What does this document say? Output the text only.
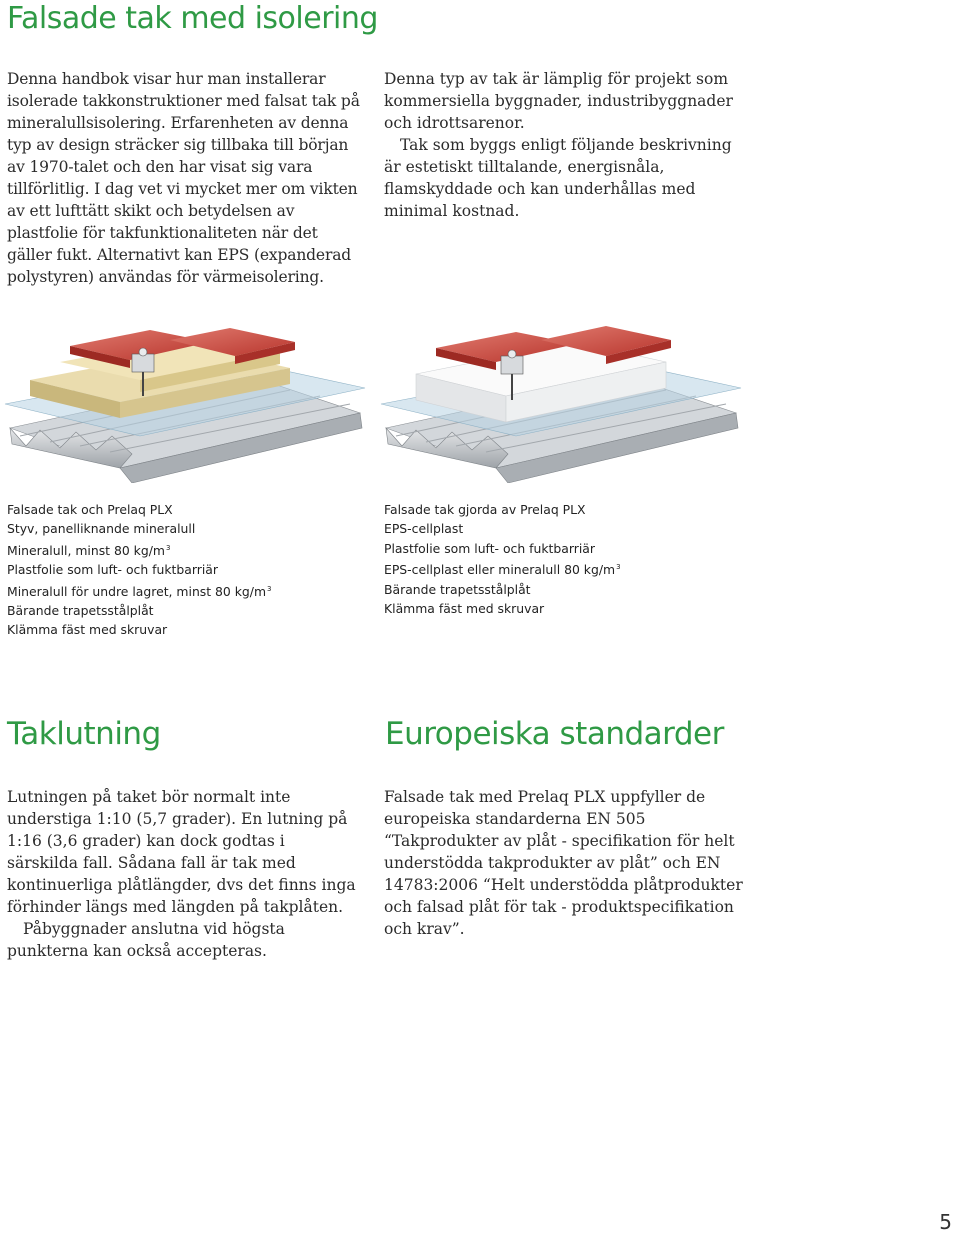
Falsade tak med isolering

Denna handbok visar hur man installerar isolerade takkonstruktioner med falsat tak på mineralullsisolering. Erfarenheten av denna typ av design sträcker sig tillbaka till början av 1970-talet och den har visat sig vara tillförlitlig. I dag vet vi mycket mer om vikten av ett lufttätt skikt och betydelsen av plastfolie för takfunktionaliteten när det gäller fukt. Alternativt kan EPS (expanderad polystyren) användas för värmeisolering.

Denna typ av tak är lämplig för projekt som kommersiella byggnader, industribyggnader och idrottsarenor.

Tak som byggs enligt följande beskrivning är estetiskt tilltalande, energisnåla, flamskyddade och kan underhållas med minimal kostnad.

Falsade tak och Prelaq PLX
Styv, panelliknande mineralull
Mineralull, minst 80 $kg/m^3$
Plastfolie som luft- och fuktbarriär
Mineralull för undre lagret, minst 80 $kg/m^3$
Bärande trapetsstålplåt
Klämma fäst med skruvar
Falsade tak gjorda av Prelaq PLX
EPS-cellplast
Plastfolie som luft- och fuktbarriär
EPS-cellplast eller mineralull 80 $kg/m^3$
Bärande trapetsstålplåt
Klämma fäst med skruvar
Taklutning

Lutningen på taket bör normalt inte understiga 1:10 (5,7 grader). En lutning på 1:16 (3,6 grader) kan dock godtas i särskilda fall. Sådana fall är tak med kontinuerliga plåtlängder, dvs det finns inga förhinder längs med längden på takplåten.

Påbyggnader anslutna vid högsta punkterna kan också accepteras.

Europeiska standarder

Falsade tak med Prelaq PLX uppfyller de europeiska standarderna EN 505 “Takprodukter av plåt - specifikation för helt understödda takprodukter av plåt” och EN 14783:2006 “Helt understödda plåtprodukter och falsad plåt för tak - produktspecifikation och krav”.

5
